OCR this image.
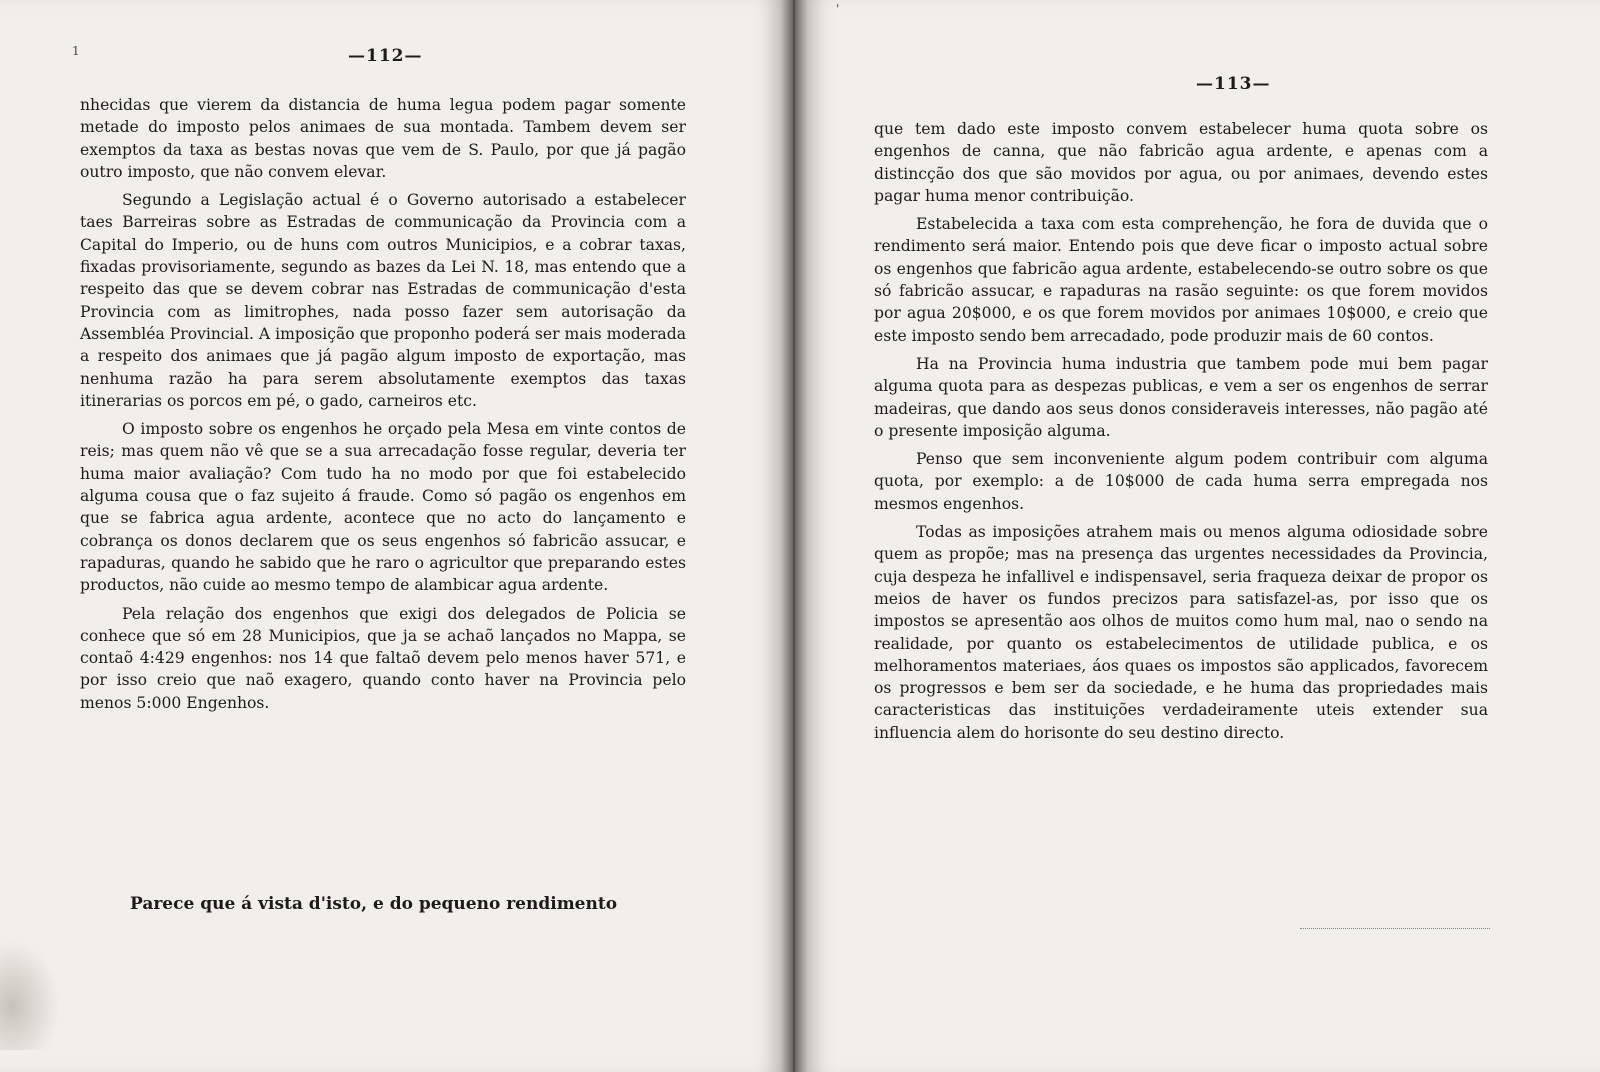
1	—112—

nhecidas que vierem da distancia de huma legua podem pagar somente metade do imposto pelos animaes de sua montada. Tambem devem ser exemptos da taxa as bestas novas que vem de S. Paulo, por que já pagão outro imposto, que não convem elevar.

Segundo a Legislação actual é o Governo autorisado a estabelecer taes Barreiras sobre as Estradas de communicação da Provincia com a Capital do Imperio, ou de huns com outros Municipios, e a cobrar taxas, fixadas provisoriamente, segundo as bazes da Lei N. 18, mas entendo que a respeito das que se devem cobrar nas Estradas de communicação d'esta Provincia com as limitrophes, nada posso fazer sem autorisação da Assembléa Provincial. A imposição que proponho poderá ser mais moderada a respeito dos animaes que já pagão algum imposto de exportação, mas nenhuma razão ha para serem absolutamente exemptos das taxas itinerarias os porcos em pé, o gado, carneiros etc.

O imposto sobre os engenhos he orçado pela Mesa em vinte contos de reis; mas quem não vê que se a sua arrecadação fosse regular, deveria ter huma maior avaliação? Com tudo ha no modo por que foi estabelecido alguma cousa que o faz sujeito á fraude. Como só pagão os engenhos em que se fabrica agua ardente, acontece que no acto do lançamento e cobrança os donos declarem que os seus engenhos só fabricão assucar, e rapaduras, quando he sabido que he raro o agricultor que preparando estes productos, não cuide ao mesmo tempo de alambicar agua ardente.

Pela relação dos engenhos que exigi dos delegados de Policia se conhece que só em 28 Municipios, que ja se achaõ lançados no Mappa, se contaõ 4:429 engenhos: nos 14 que faltaõ devem pelo menos haver 571, e por isso creio que naõ exagero, quando conto haver na Provincia pelo menos 5:000 Engenhos.

Parece que á vista d'isto, e do pequeno rendimento
'
—113—

que tem dado este imposto convem estabelecer huma quota sobre os engenhos de canna, que não fabricão agua ardente, e apenas com a distincção dos que são movidos por agua, ou por animaes, devendo estes pagar huma menor contribuição.

Estabelecida a taxa com esta comprehenção, he fora de duvida que o rendimento será maior. Entendo pois que deve ficar o imposto actual sobre os engenhos que fabricão agua ardente, estabelecendo-se outro sobre os que só fabricão assucar, e rapaduras na rasão seguinte: os que forem movidos por agua 20$000, e os que forem movidos por animaes 10$000, e creio que este imposto sendo bem arrecadado, pode produzir mais de 60 contos.

Ha na Provincia huma industria que tambem pode mui bem pagar alguma quota para as despezas publicas, e vem a ser os engenhos de serrar madeiras, que dando aos seus donos consideraveis interesses, não pagão até o presente imposição alguma.

Penso que sem inconveniente algum podem contribuir com alguma quota, por exemplo: a de 10$000 de cada huma serra empregada nos mesmos engenhos.

Todas as imposições atrahem mais ou menos alguma odiosidade sobre quem as propõe; mas na presença das urgentes necessidades da Provincia, cuja despeza he infallivel e indispensavel, seria fraqueza deixar de propor os meios de haver os fundos precizos para satisfazel-as, por isso que os impostos se apresentão aos olhos de muitos como hum mal, nao o sendo na realidade, por quanto os estabelecimentos de utilidade publica, e os melhoramentos materiaes, áos quaes os impostos são applicados, favorecem os progressos e bem ser da sociedade, e he huma das propriedades mais caracteristicas das instituições verdadeiramente uteis extender sua influencia alem do horisonte do seu destino directo.
